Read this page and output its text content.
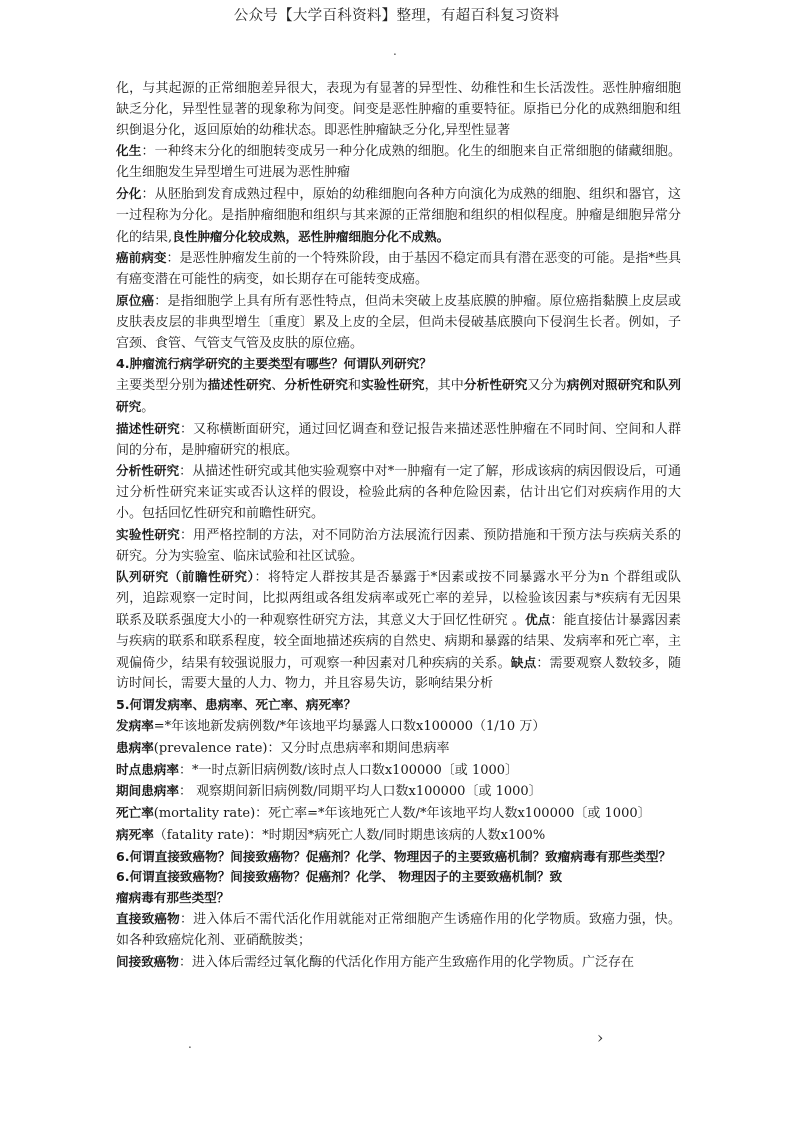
公众号【大学百科资料】整理，有超百科复习资料
.

化，与其起源的正常细胞差异很大，表现为有显著的异型性、幼稚性和生长活泼性。恶性肿瘤细胞缺乏分化，异型性显著的现象称为间变。间变是恶性肿瘤的重要特征。原指已分化的成熟细胞和组织倒退分化，返回原始的幼稚状态。即恶性肿瘤缺乏分化,异型性显著

化生：一种终末分化的细胞转变成另一种分化成熟的细胞。化生的细胞来自正常细胞的储藏细胞。化生细胞发生异型增生可进展为恶性肿瘤

分化：从胚胎到发育成熟过程中，原始的幼稚细胞向各种方向演化为成熟的细胞、组织和器官，这一过程称为分化。是指肿瘤细胞和组织与其来源的正常细胞和组织的相似程度。肿瘤是细胞异常分化的结果,良性肿瘤分化较成熟，恶性肿瘤细胞分化不成熟。

癌前病变：是恶性肿瘤发生前的一个特殊阶段，由于基因不稳定而具有潜在恶变的可能。是指*些具有癌变潜在可能性的病变，如长期存在可能转变成癌。

原位癌：是指细胞学上具有所有恶性特点，但尚未突破上皮基底膜的肿瘤。原位癌指黏膜上皮层或皮肤表皮层的非典型增生〔重度〕累及上皮的全层，但尚未侵破基底膜向下侵润生长者。例如，子宫颈、食管、气管支气管及皮肤的原位癌。

4.肿瘤流行病学研究的主要类型有哪些？何谓队列研究？

主要类型分别为描述性研究、分析性研究和实验性研究，其中分析性研究又分为病例对照研究和队列研究。

描述性研究：又称横断面研究，通过回忆调查和登记报告来描述恶性肿瘤在不同时间、空间和人群间的分布，是肿瘤研究的根底。

分析性研究：从描述性研究或其他实验观察中对*一肿瘤有一定了解，形成该病的病因假设后，可通过分析性研究来证实或否认这样的假设，检验此病的各种危险因素，估计出它们对疾病作用的大小。包括回忆性研究和前瞻性研究。

实验性研究：用严格控制的方法，对不同防治方法展流行因素、预防措施和干预方法与疾病关系的研究。分为实验室、临床试验和社区试验。

队列研究（前瞻性研究）：将特定人群按其是否暴露于*因素或按不同暴露水平分为n 个群组或队列，追踪观察一定时间，比拟两组或各组发病率或死亡率的差异，以检验该因素与*疾病有无因果联系及联系强度大小的一种观察性研究方法，其意义大于回忆性研究 。优点：能直接估计暴露因素与疾病的联系和联系程度，较全面地描述疾病的自然史、病期和暴露的结果、发病率和死亡率，主观偏倚少，结果有较强说服力，可观察一种因素对几种疾病的关系。缺点：需要观察人数较多，随访时间长，需要大量的人力、物力，并且容易失访，影响结果分析

5.何谓发病率、患病率、死亡率、病死率？

发病率=*年该地新发病例数/*年该地平均暴露人口数x100000（1/10 万）

患病率(prevalence rate)：又分时点患病率和期间患病率

时点患病率：*一时点新旧病例数/该时点人口数x100000〔或 1000〕

期间患病率： 观察期间新旧病例数/同期平均人口数x100000〔或 1000〕

死亡率(mortality rate)：死亡率=*年该地死亡人数/*年该地平均人数x100000〔或 1000〕

病死率（fatality rate)：*时期因*病死亡人数/同时期患该病的人数x100%

6.何谓直接致癌物？间接致癌物？促癌剂？化学、物理因子的主要致癌机制？致瘤病毒有那些类型？

6.何谓直接致癌物？间接致癌物？促癌剂？化学、 物理因子的主要致癌机制？致

瘤病毒有那些类型？

直接致癌物：进入体后不需代活化作用就能对正常细胞产生诱癌作用的化学物质。致癌力强，快。如各种致癌烷化剂、亚硝酰胺类；

间接致癌物：进入体后需经过氧化酶的代活化作用方能产生致癌作用的化学物质。广泛存在

.	›
